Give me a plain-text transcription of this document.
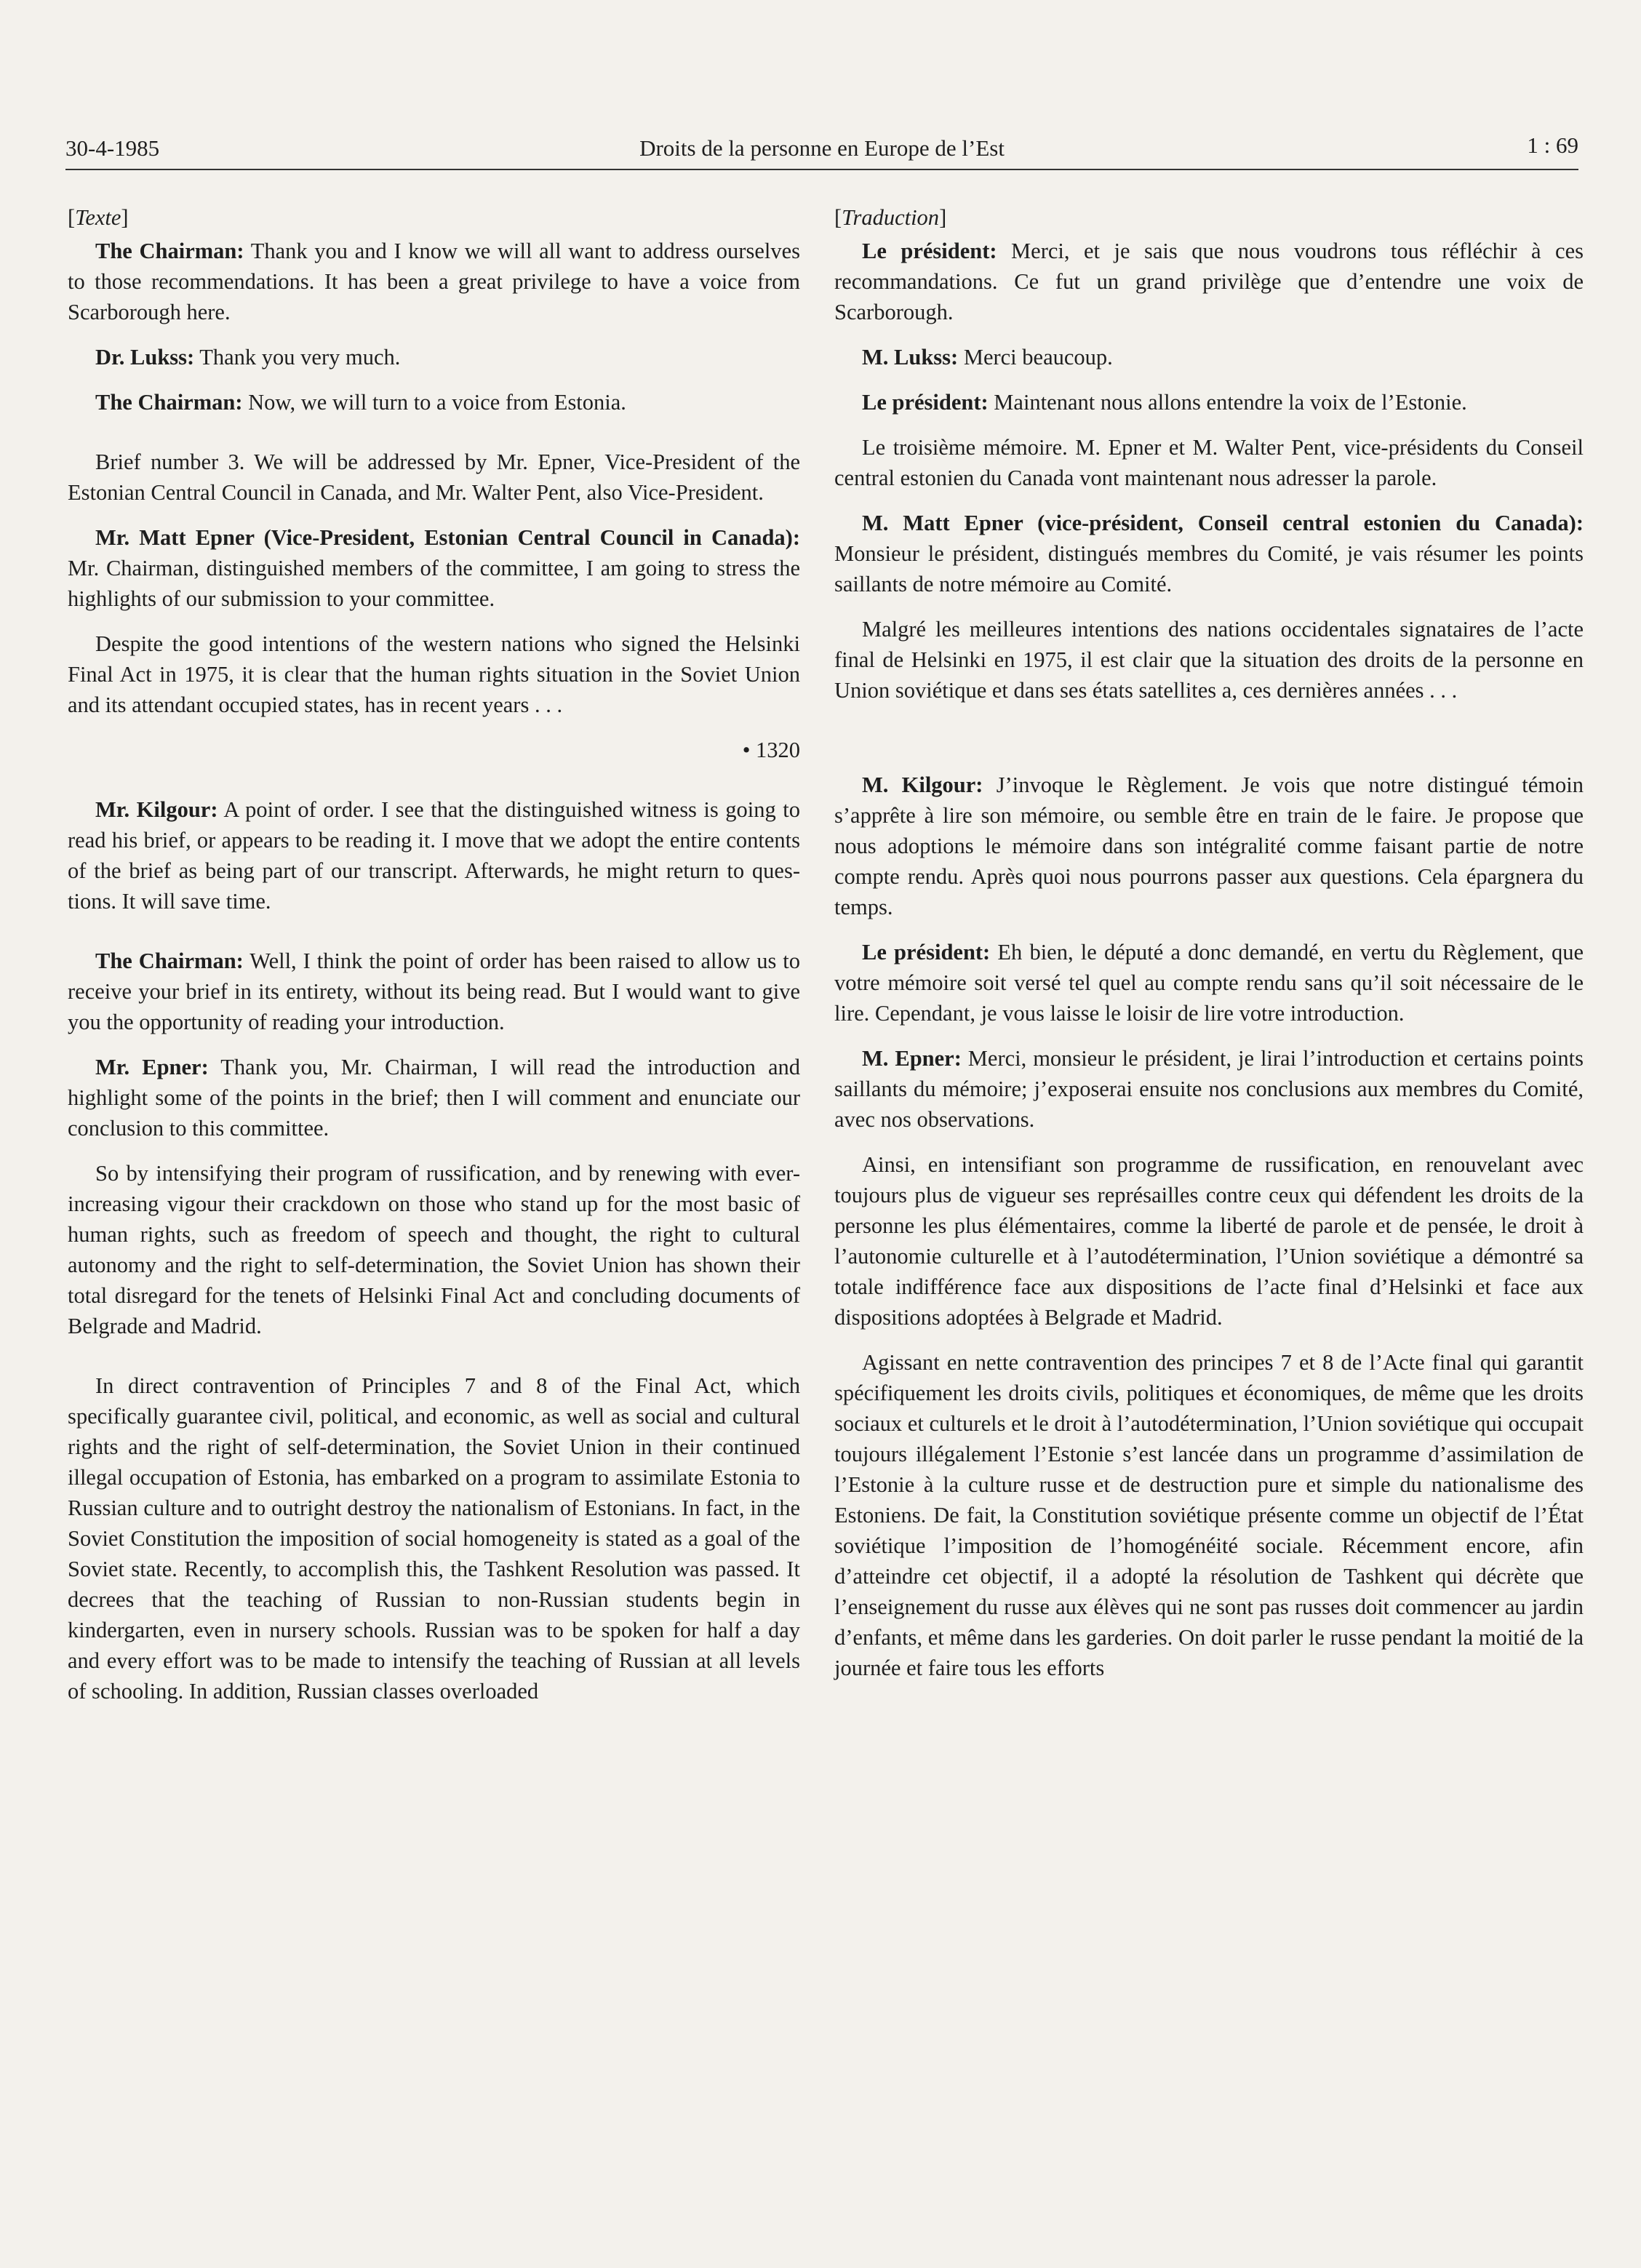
30-4-1985	Droits de la personne en Europe de l’Est	1 : 69

[Texte]

The Chairman: Thank you and I know we will all want to address ourselves to those recommendations. It has been a great privilege to have a voice from Scarborough here.

Dr. Lukss: Thank you very much.

The Chairman: Now, we will turn to a voice from Estonia.

Brief number 3. We will be addressed by Mr. Epner, Vice-President of the Estonian Central Council in Canada, and Mr. Walter Pent, also Vice-President.

Mr. Matt Epner (Vice-President, Estonian Central Council in Canada): Mr. Chairman, distinguished members of the committee, I am going to stress the highlights of our submission to your committee.

Despite the good intentions of the western nations who signed the Helsinki Final Act in 1975, it is clear that the human rights situation in the Soviet Union and its attendant occupied states, has in recent years . . .

• 1320

Mr. Kilgour: A point of order. I see that the distinguished witness is going to read his brief, or appears to be reading it. I move that we adopt the entire contents of the brief as being part of our transcript. Afterwards, he might return to questions. It will save time.

The Chairman: Well, I think the point of order has been raised to allow us to receive your brief in its entirety, without its being read. But I would want to give you the opportunity of reading your introduction.

Mr. Epner: Thank you, Mr. Chairman, I will read the introduction and highlight some of the points in the brief; then I will comment and enunciate our conclusion to this committee.

So by intensifying their program of russification, and by renewing with ever-increasing vigour their crackdown on those who stand up for the most basic of human rights, such as freedom of speech and thought, the right to cultural autonomy and the right to self-determination, the Soviet Union has shown their total disregard for the tenets of Helsinki Final Act and concluding documents of Belgrade and Madrid.

In direct contravention of Principles 7 and 8 of the Final Act, which specifically guarantee civil, political, and economic, as well as social and cultural rights and the right of self-determination, the Soviet Union in their continued illegal occupation of Estonia, has embarked on a program to assimilate Estonia to Russian culture and to outright destroy the nationalism of Estonians. In fact, in the Soviet Constitution the imposition of social homogeneity is stated as a goal of the Soviet state. Recently, to accomplish this, the Tashkent Resolution was passed. It decrees that the teaching of Russian to non-Russian students begin in kindergarten, even in nursery schools. Russian was to be spoken for half a day and every effort was to be made to intensify the teaching of Russian at all levels of schooling. In addition, Russian classes overloaded

[Traduction]

Le président: Merci, et je sais que nous voudrons tous réfléchir à ces recommandations. Ce fut un grand privilège que d’entendre une voix de Scarborough.

M. Lukss: Merci beaucoup.

Le président: Maintenant nous allons entendre la voix de l’Estonie.

Le troisième mémoire. M. Epner et M. Walter Pent, vice-présidents du Conseil central estonien du Canada vont maintenant nous adresser la parole.

M. Matt Epner (vice-président, Conseil central estonien du Canada): Monsieur le président, distingués membres du Comité, je vais résumer les points saillants de notre mémoire au Comité.

Malgré les meilleures intentions des nations occidentales signataires de l’acte final de Helsinki en 1975, il est clair que la situation des droits de la personne en Union soviétique et dans ses états satellites a, ces dernières années . . .

M. Kilgour: J’invoque le Règlement. Je vois que notre distingué témoin s’apprête à lire son mémoire, ou semble être en train de le faire. Je propose que nous adoptions le mémoire dans son intégralité comme faisant partie de notre compte rendu. Après quoi nous pourrons passer aux questions. Cela épargnera du temps.

Le président: Eh bien, le député a donc demandé, en vertu du Règlement, que votre mémoire soit versé tel quel au compte rendu sans qu’il soit nécessaire de le lire. Cependant, je vous laisse le loisir de lire votre introduction.

M. Epner: Merci, monsieur le président, je lirai l’introduction et certains points saillants du mémoire; j’exposerai ensuite nos conclusions aux membres du Comité, avec nos observations.

Ainsi, en intensifiant son programme de russification, en renouvelant avec toujours plus de vigueur ses représailles contre ceux qui défendent les droits de la personne les plus élémentaires, comme la liberté de parole et de pensée, le droit à l’autonomie culturelle et à l’autodétermination, l’Union soviétique a démontré sa totale indifférence face aux dispositions de l’acte final d’Helsinki et face aux dispositions adoptées à Belgrade et Madrid.

Agissant en nette contravention des principes 7 et 8 de l’Acte final qui garantit spécifiquement les droits civils, politiques et économiques, de même que les droits sociaux et culturels et le droit à l’autodétermination, l’Union soviétique qui occupait toujours illégalement l’Estonie s’est lancée dans un programme d’assimilation de l’Estonie à la culture russe et de destruction pure et simple du nationalisme des Estoniens. De fait, la Constitution soviétique présente comme un objectif de l’État soviétique l’imposition de l’homogénéité sociale. Récemment encore, afin d’atteindre cet objectif, il a adopté la résolution de Tashkent qui décrète que l’enseignement du russe aux élèves qui ne sont pas russes doit commencer au jardin d’enfants, et même dans les garderies. On doit parler le russe pendant la moitié de la journée et faire tous les efforts
